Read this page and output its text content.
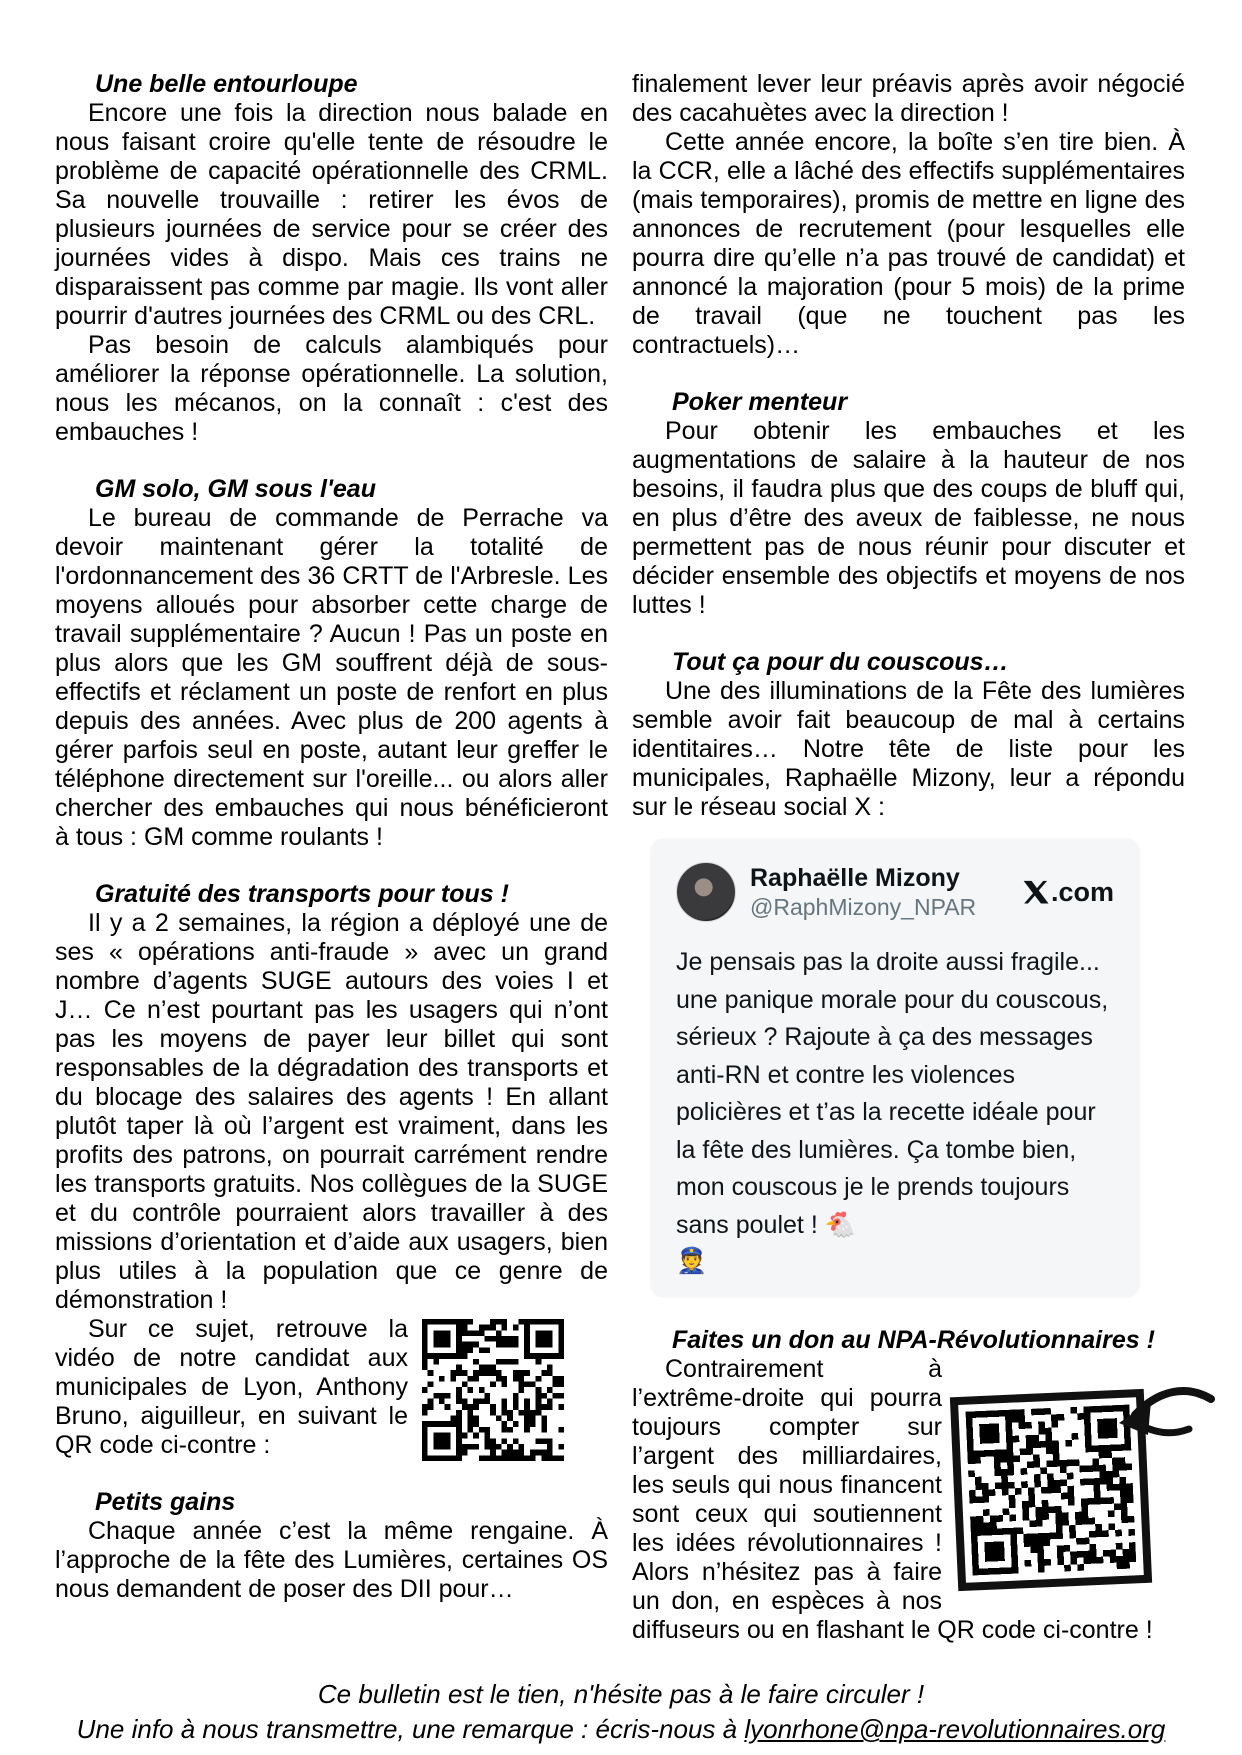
Une belle entourloupe
Encore une fois la direction nous balade en nous faisant croire qu'elle tente de résoudre le problème de capacité opérationnelle des CRML. Sa nouvelle trouvaille : retirer les évos de plusieurs journées de service pour se créer des journées vides à dispo. Mais ces trains ne disparaissent pas comme par magie. Ils vont aller pourrir d'autres journées des CRML ou des CRL.
Pas besoin de calculs alambiqués pour améliorer la réponse opérationnelle. La solution, nous les mécanos, on la connaît : c'est des embauches !
GM solo, GM sous l'eau
Le bureau de commande de Perrache va devoir maintenant gérer la totalité de l'ordonnancement des 36 CRTT de l'Arbresle. Les moyens alloués pour absorber cette charge de travail supplémentaire ? Aucun ! Pas un poste en plus alors que les GM souffrent déjà de sous-effectifs et réclament un poste de renfort en plus depuis des années. Avec plus de 200 agents à gérer parfois seul en poste, autant leur greffer le téléphone directement sur l'oreille... ou alors aller chercher des embauches qui nous bénéficieront à tous : GM comme roulants !
Gratuité des transports pour tous !
Il y a 2 semaines, la région a déployé une de ses « opérations anti-fraude » avec un grand nombre d’agents SUGE autours des voies I et J… Ce n’est pourtant pas les usagers qui n’ont pas les moyens de payer leur billet qui sont responsables de la dégradation des transports et du blocage des salaires des agents ! En allant plutôt taper là où l’argent est vraiment, dans les profits des patrons, on pourrait carrément rendre les transports gratuits. Nos collègues de la SUGE et du contrôle pourraient alors travailler à des missions d’orientation et d’aide aux usagers, bien plus utiles à la population que ce genre de démonstration !
Sur ce sujet, retrouve la vidéo de notre candidat aux municipales de Lyon, Anthony Bruno, aiguilleur, en suivant le QR code ci-contre :
Petits gains
Chaque année c’est la même rengaine. À l’approche de la fête des Lumières, certaines OS nous demandent de poser des DII pour…
finalement lever leur préavis après avoir négocié des cacahuètes avec la direction !
Cette année encore, la boîte s’en tire bien. À la CCR, elle a lâché des effectifs supplémentaires (mais temporaires), promis de mettre en ligne des annonces de recrutement (pour lesquelles elle pourra dire qu’elle n’a pas trouvé de candidat) et annoncé la majoration (pour 5 mois) de la prime de travail (que ne touchent pas les contractuels)…
Poker menteur
Pour obtenir les embauches et les augmentations de salaire à la hauteur de nos besoins, il faudra plus que des coups de bluff qui, en plus d’être des aveux de faiblesse, ne nous permettent pas de nous réunir pour discuter et décider ensemble des objectifs et moyens de nos luttes !
Tout ça pour du couscous…
Une des illuminations de la Fête des lumières semble avoir fait beaucoup de mal à certains identitaires… Notre tête de liste pour les municipales, Raphaëlle Mizony, leur a répondu sur le réseau social X :
Raphaëlle Mizony
@RaphMizony_NPAR
.com
Je pensais pas la droite aussi fragile... une panique morale pour du couscous, sérieux ? Rajoute à ça des messages anti-RN et contre les violences policières et t’as la recette idéale pour la fête des lumières. Ça tombe bien, mon couscous je le prends toujours sans poulet ! 🐔
👮
Faites un don au NPA-Révolutionnaires !
Contrairement à l’extrême-droite qui pourra toujours compter sur l’argent des milliardaires, les seuls qui nous financent sont ceux qui soutiennent les idées révolutionnaires ! Alors n’hésitez pas à faire un don, en espèces à nos diffuseurs ou en flashant le QR code ci-contre !
Ce bulletin est le tien, n'hésite pas à le faire circuler !
Une info à nous transmettre, une remarque : écris-nous à lyonrhone@npa-revolutionnaires.org
